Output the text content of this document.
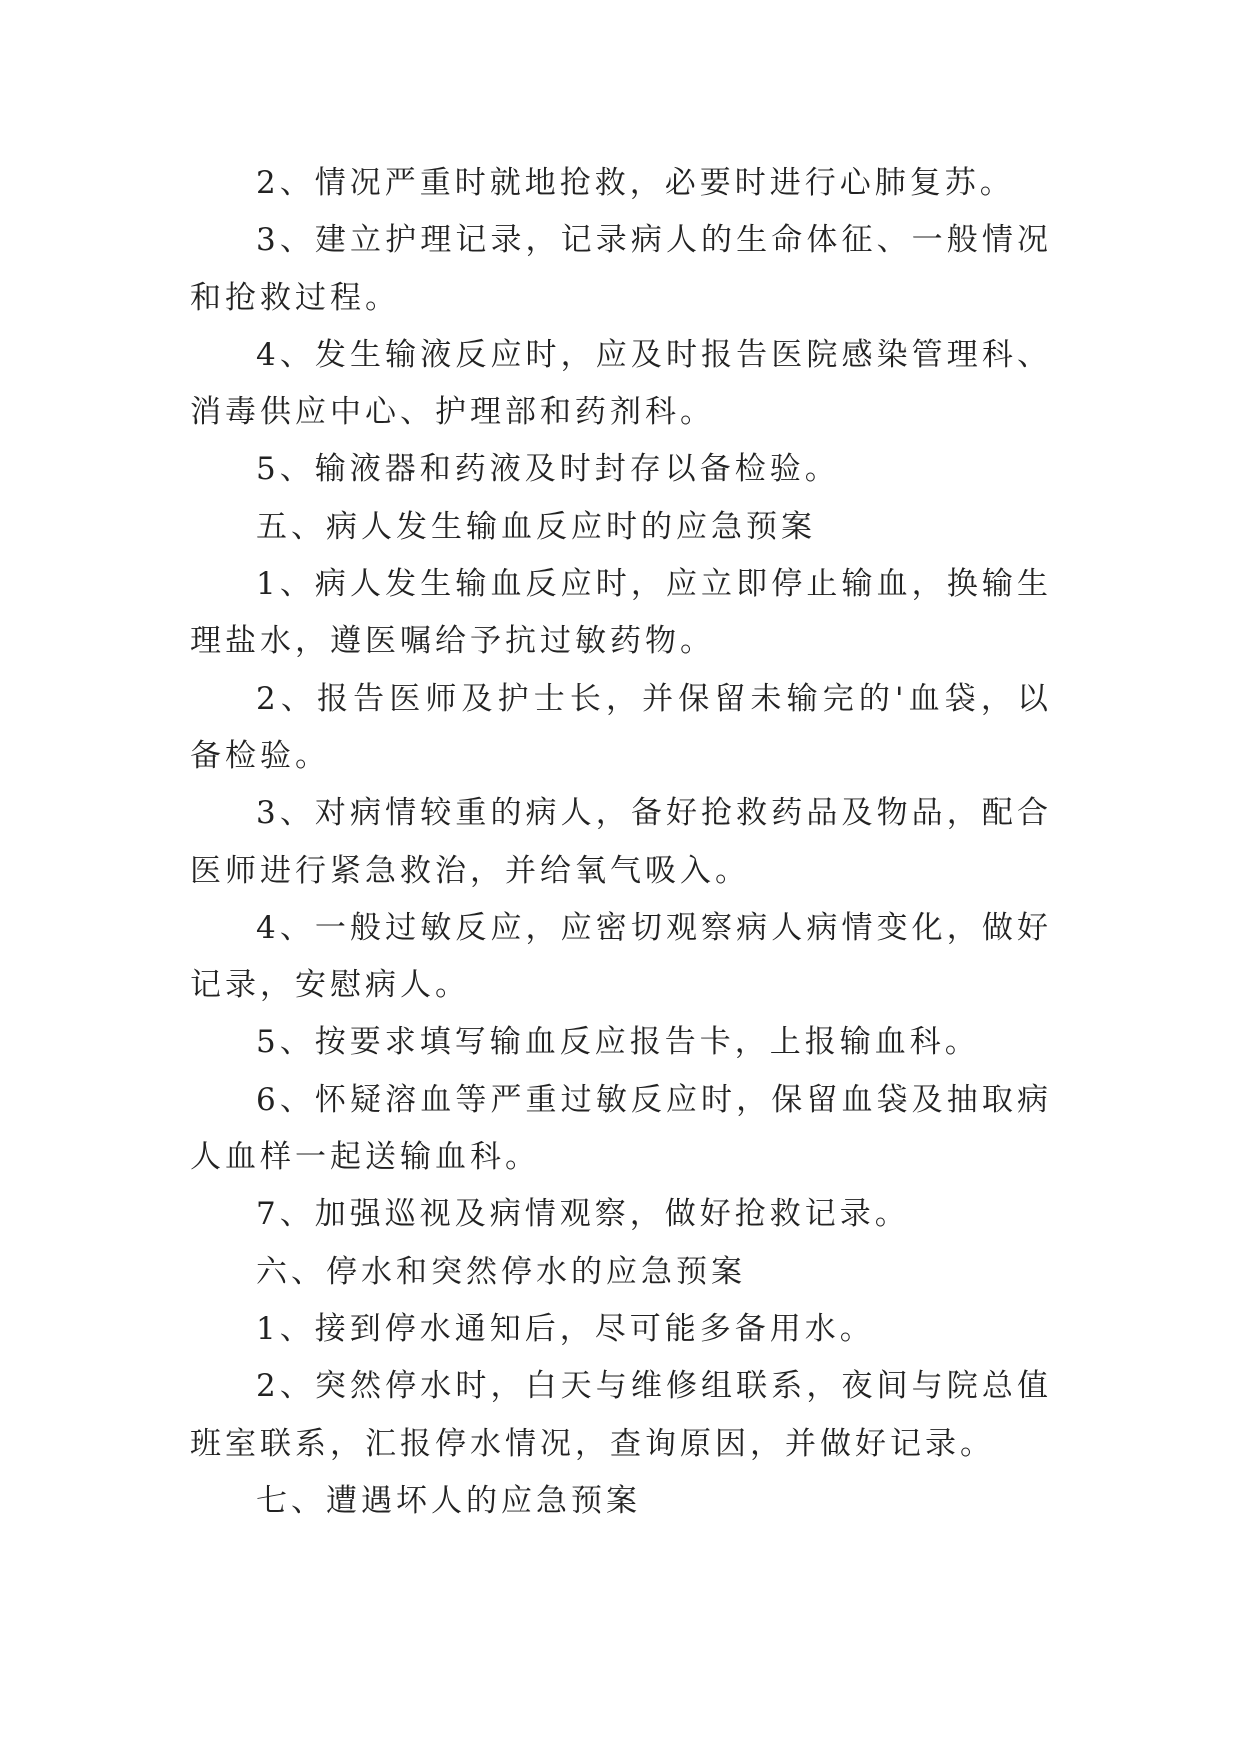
2、情况严重时就地抢救，必要时进行心肺复苏。

3、建立护理记录，记录病人的生命体征、一般情况和抢救过程。

4、发生输液反应时，应及时报告医院感染管理科、消毒供应中心、护理部和药剂科。

5、输液器和药液及时封存以备检验。

五、病人发生输血反应时的应急预案

1、病人发生输血反应时，应立即停止输血，换输生理盐水，遵医嘱给予抗过敏药物。

2、报告医师及护士长，并保留未输完的'血袋，以备检验。

3、对病情较重的病人，备好抢救药品及物品，配合医师进行紧急救治，并给氧气吸入。

4、一般过敏反应，应密切观察病人病情变化，做好记录，安慰病人。

5、按要求填写输血反应报告卡，上报输血科。

6、怀疑溶血等严重过敏反应时，保留血袋及抽取病人血样一起送输血科。

7、加强巡视及病情观察，做好抢救记录。

六、停水和突然停水的应急预案

1、接到停水通知后，尽可能多备用水。

2、突然停水时，白天与维修组联系，夜间与院总值班室联系，汇报停水情况，查询原因，并做好记录。

七、遭遇坏人的应急预案
